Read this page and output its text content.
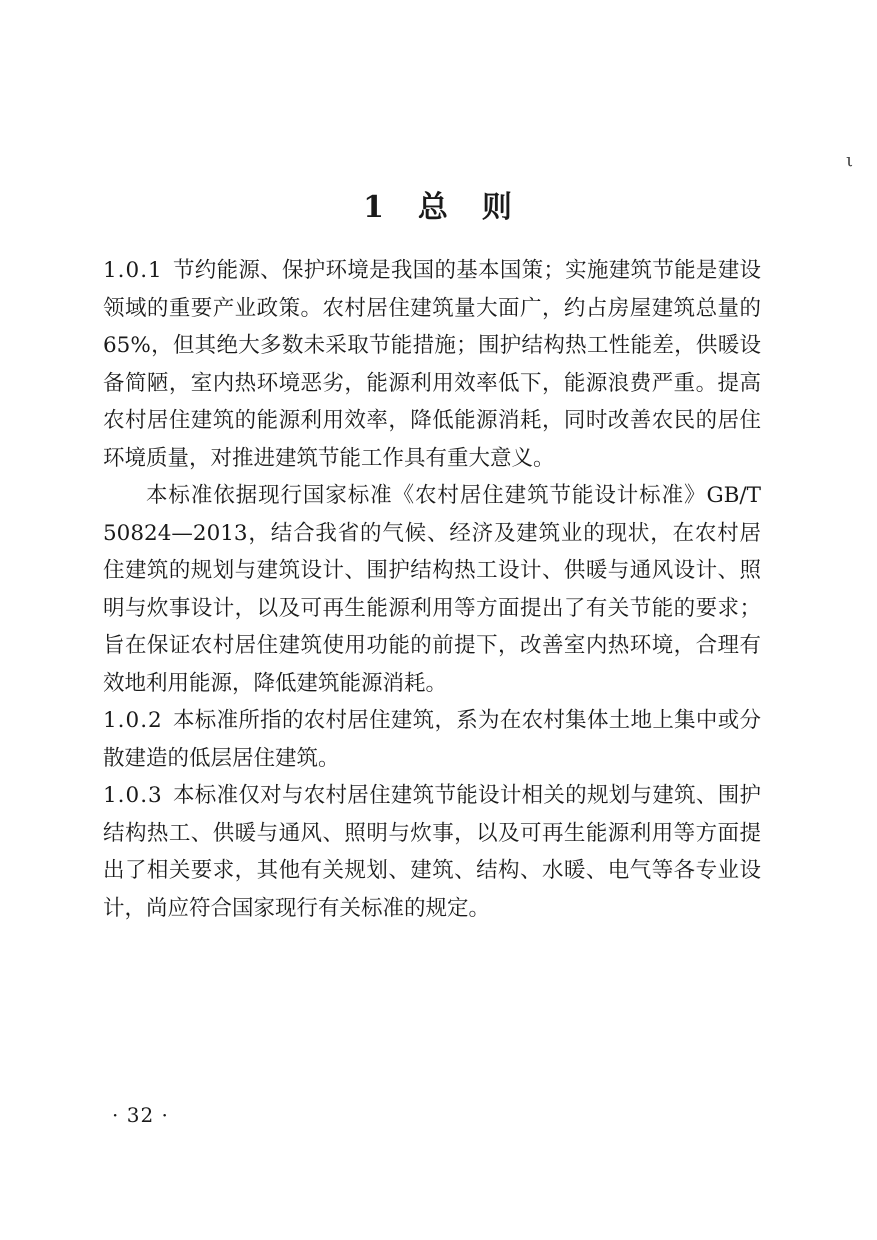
ι
1　总　则

1.0.1 节约能源、保护环境是我国的基本国策；实施建筑节能是建设领域的重要产业政策。农村居住建筑量大面广，约占房屋建筑总量的65%，但其绝大多数未采取节能措施；围护结构热工性能差，供暖设备简陋，室内热环境恶劣，能源利用效率低下，能源浪费严重。提高农村居住建筑的能源利用效率，降低能源消耗，同时改善农民的居住环境质量，对推进建筑节能工作具有重大意义。

本标准依据现行国家标准《农村居住建筑节能设计标准》GB/T 50824—2013，结合我省的气候、经济及建筑业的现状，在农村居住建筑的规划与建筑设计、围护结构热工设计、供暖与通风设计、照明与炊事设计，以及可再生能源利用等方面提出了有关节能的要求；旨在保证农村居住建筑使用功能的前提下，改善室内热环境，合理有效地利用能源，降低建筑能源消耗。

1.0.2 本标准所指的农村居住建筑，系为在农村集体土地上集中或分散建造的低层居住建筑。

1.0.3 本标准仅对与农村居住建筑节能设计相关的规划与建筑、围护结构热工、供暖与通风、照明与炊事，以及可再生能源利用等方面提出了相关要求，其他有关规划、建筑、结构、水暖、电气等各专业设计，尚应符合国家现行有关标准的规定。

· 32 ·
